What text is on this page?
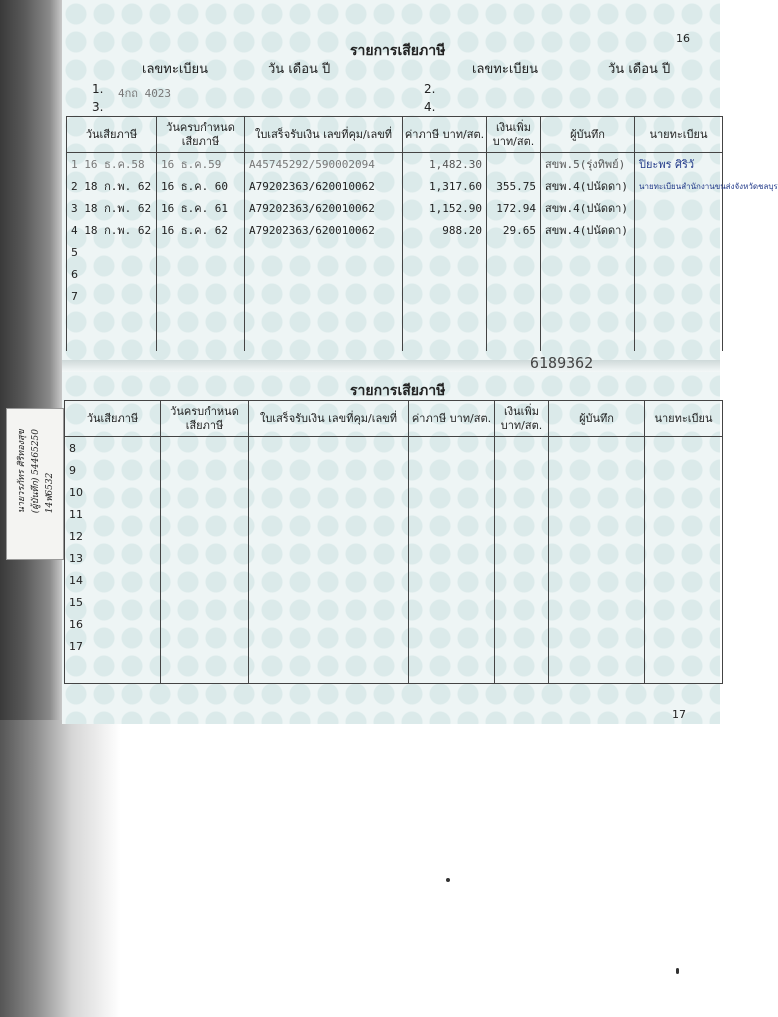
16
รายการเสียภาษี
เลขทะเบียน	วัน เดือน ปี	เลขทะเบียน	วัน เดือน ปี
1. 4กถ 4023	2.
3.	4.
วันเสียภาษี	วันครบกำหนด เสียภาษี	ใบเสร็จรับเงิน เลขที่คุม/เลขที่	ค่าภาษี บาท/สต.	เงินเพิ่ม บาท/สต.	ผู้บันทึก	นายทะเบียน
1 16 ธ.ค.58	16 ธ.ค.59	A45745292/590002094	1,482.30		สขพ.5(รุ่งทิพย์)	ปิยะพร ศิริวั
2 18 ก.พ. 62	16 ธ.ค. 60	A79202363/620010062	1,317.60	355.75	สขพ.4(ปนัดดา)	นายทะเบียนสำนักงานขนส่งจังหวัดชลบุร
3 18 ก.พ. 62	16 ธ.ค. 61	A79202363/620010062	1,152.90	172.94	สขพ.4(ปนัดดา)	
4 18 ก.พ. 62	16 ธ.ค. 62	A79202363/620010062	988.20	29.65	สขพ.4(ปนัดดา)	
5						
6						
7						

6189362
รายการเสียภาษี
วันเสียภาษี	วันครบกำหนด เสียภาษี	ใบเสร็จรับเงิน เลขที่คุม/เลขที่	ค่าภาษี บาท/สต.	เงินเพิ่ม บาท/สต.	ผู้บันทึก	นายทะเบียน
8						
9						
10						
11						
12						
13						
14						
15						
16						
17						

17
นายวรภัทร ศิริทองสุข (ผู้บันทึก) 54465250 14ฬ6532
